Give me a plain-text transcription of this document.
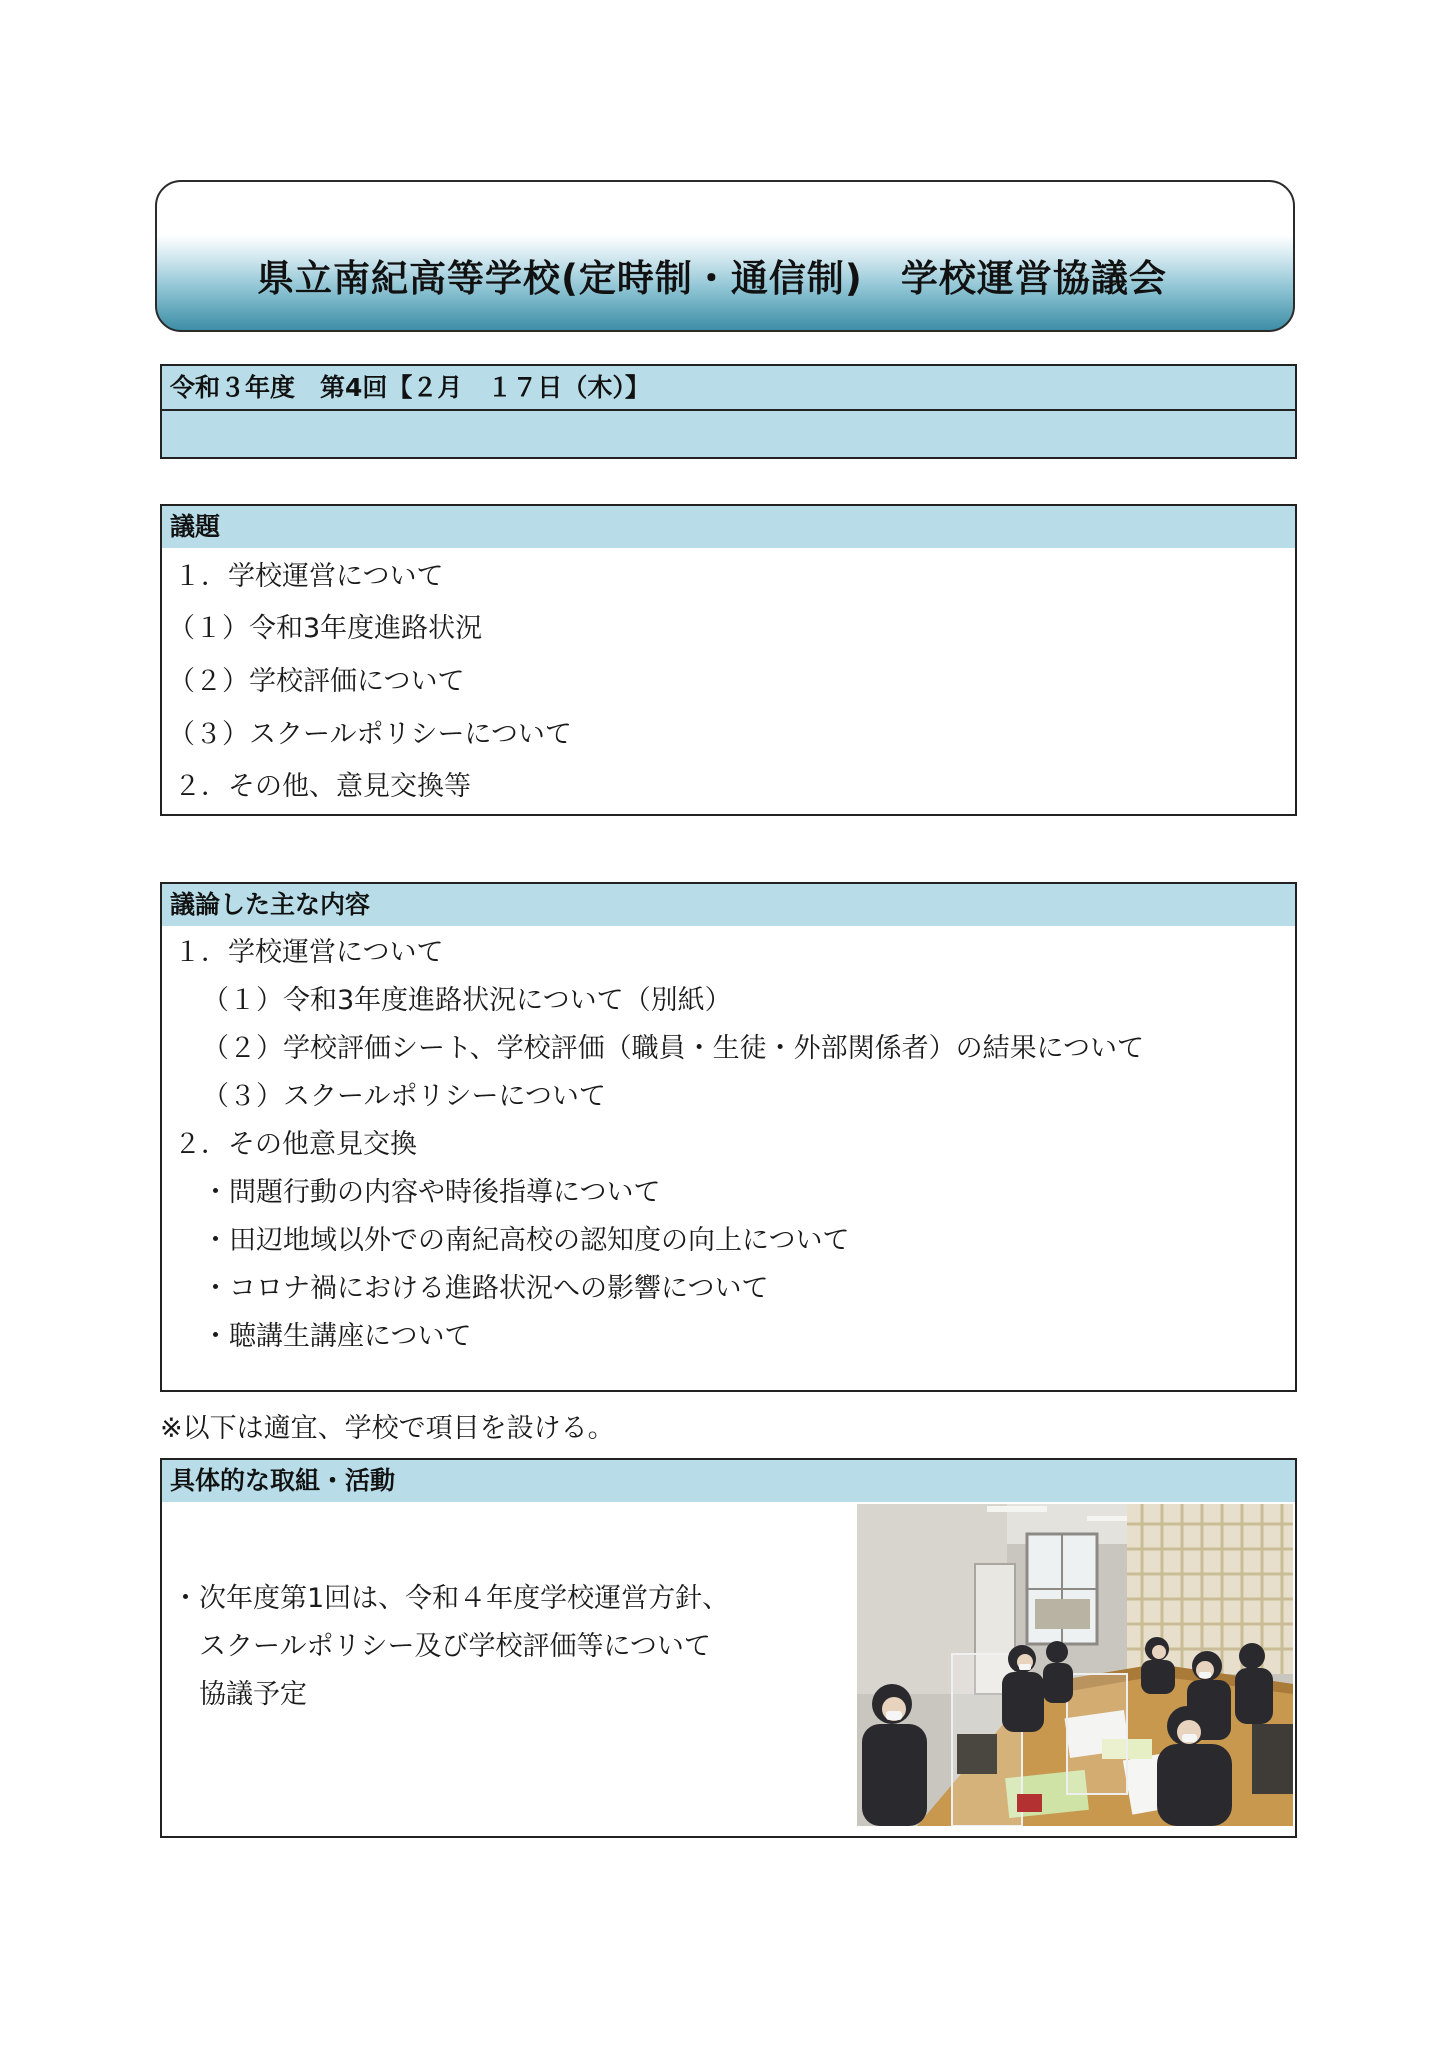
県立南紀高等学校(定時制・通信制)　学校運営協議会
令和３年度　第4回【２月　１７日（木）】
議題
１．学校運営について
（１）令和3年度進路状況
（２）学校評価について
（３）スクールポリシーについて
２．その他、意見交換等
議論した主な内容
１．学校運営について
（１）令和3年度進路状況について（別紙）
（２）学校評価シート、学校評価（職員・生徒・外部関係者）の結果について
（３）スクールポリシーについて
２．その他意見交換
・問題行動の内容や時後指導について
・田辺地域以外での南紀高校の認知度の向上について
・コロナ禍における進路状況への影響について
・聴講生講座について
※以下は適宜、学校で項目を設ける。
具体的な取組・活動
・次年度第1回は、令和４年度学校運営方針、
　スクールポリシー及び学校評価等について
　協議予定
